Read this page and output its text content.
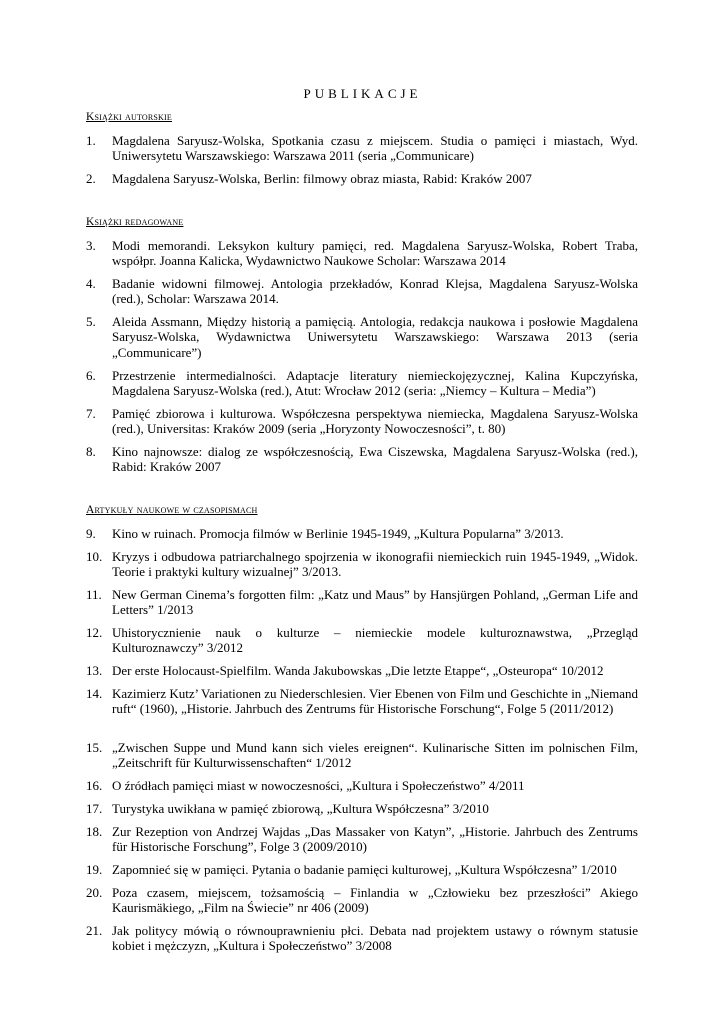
PUBLIKACJE
Książki autorskie
1.	Magdalena Saryusz-Wolska, Spotkania czasu z miejscem. Studia o pamięci i miastach, Wyd. Uniwersytetu Warszawskiego: Warszawa 2011 (seria „Communicare)
2.	Magdalena Saryusz-Wolska, Berlin: filmowy obraz miasta, Rabid: Kraków 2007
Książki redagowane
3.	Modi memorandi. Leksykon kultury pamięci, red. Magdalena Saryusz-Wolska, Robert Traba, współpr. Joanna Kalicka, Wydawnictwo Naukowe Scholar: Warszawa 2014
4.	Badanie widowni filmowej. Antologia przekładów, Konrad Klejsa, Magdalena Saryusz-Wolska (red.), Scholar: Warszawa 2014.
5.	Aleida Assmann, Między historią a pamięcią. Antologia, redakcja naukowa i posłowie Magdalena Saryusz-Wolska, Wydawnictwa Uniwersytetu Warszawskiego: Warszawa 2013 (seria „Communicare”)
6.	Przestrzenie intermedialności. Adaptacje literatury niemieckojęzycznej, Kalina Kupczyńska, Magdalena Saryusz-Wolska (red.), Atut: Wrocław 2012 (seria: „Niemcy – Kultura – Media”)
7.	Pamięć zbiorowa i kulturowa. Współczesna perspektywa niemiecka, Magdalena Saryusz-Wolska (red.), Universitas: Kraków 2009 (seria „Horyzonty Nowoczesności”, t. 80)
8.	Kino najnowsze: dialog ze współczesnością, Ewa Ciszewska, Magdalena Saryusz-Wolska (red.), Rabid: Kraków 2007
Artykuły naukowe w czasopismach
9.	Kino w ruinach. Promocja filmów w Berlinie 1945-1949, „Kultura Popularna” 3/2013.
10. Kryzys i odbudowa patriarchalnego spojrzenia w ikonografii niemieckich ruin 1945-1949, „Widok. Teorie i praktyki kultury wizualnej” 3/2013.
11. New German Cinema’s forgotten film: „Katz und Maus” by Hansjürgen Pohland, „German Life and Letters” 1/2013
12. Uhistorycznienie nauk o kulturze – niemieckie modele kulturoznawstwa, „Przegląd Kulturoznawczy” 3/2012
13. Der erste Holocaust-Spielfilm. Wanda Jakubowskas „Die letzte Etappe“, „Osteuropa“ 10/2012
14. Kazimierz Kutz’ Variationen zu Niederschlesien. Vier Ebenen von Film und Geschichte in „Niemand ruft“ (1960), „Historie. Jahrbuch des Zentrums für Historische Forschung“, Folge 5 (2011/2012)
15. „Zwischen Suppe und Mund kann sich vieles ereignen“. Kulinarische Sitten im polnischen Film, „Zeitschrift für Kulturwissenschaften“ 1/2012
16. O źródłach pamięci miast w nowoczesności, „Kultura i Społeczeństwo” 4/2011
17. Turystyka uwikłana w pamięć zbiorową, „Kultura Współczesna” 3/2010
18. Zur Rezeption von Andrzej Wajdas „Das Massaker von Katyn”, „Historie. Jahrbuch des Zentrums für Historische Forschung”, Folge 3 (2009/2010)
19. Zapomnieć się w pamięci. Pytania o badanie pamięci kulturowej, „Kultura Współczesna” 1/2010
20. Poza czasem, miejscem, tożsamością – Finlandia w „Człowieku bez przeszłości” Akiego Kaurismäkiego, „Film na Świecie” nr 406 (2009)
21. Jak politycy mówią o równouprawnieniu płci. Debata nad projektem ustawy o równym statusie kobiet i mężczyzn, „Kultura i Społeczeństwo” 3/2008
